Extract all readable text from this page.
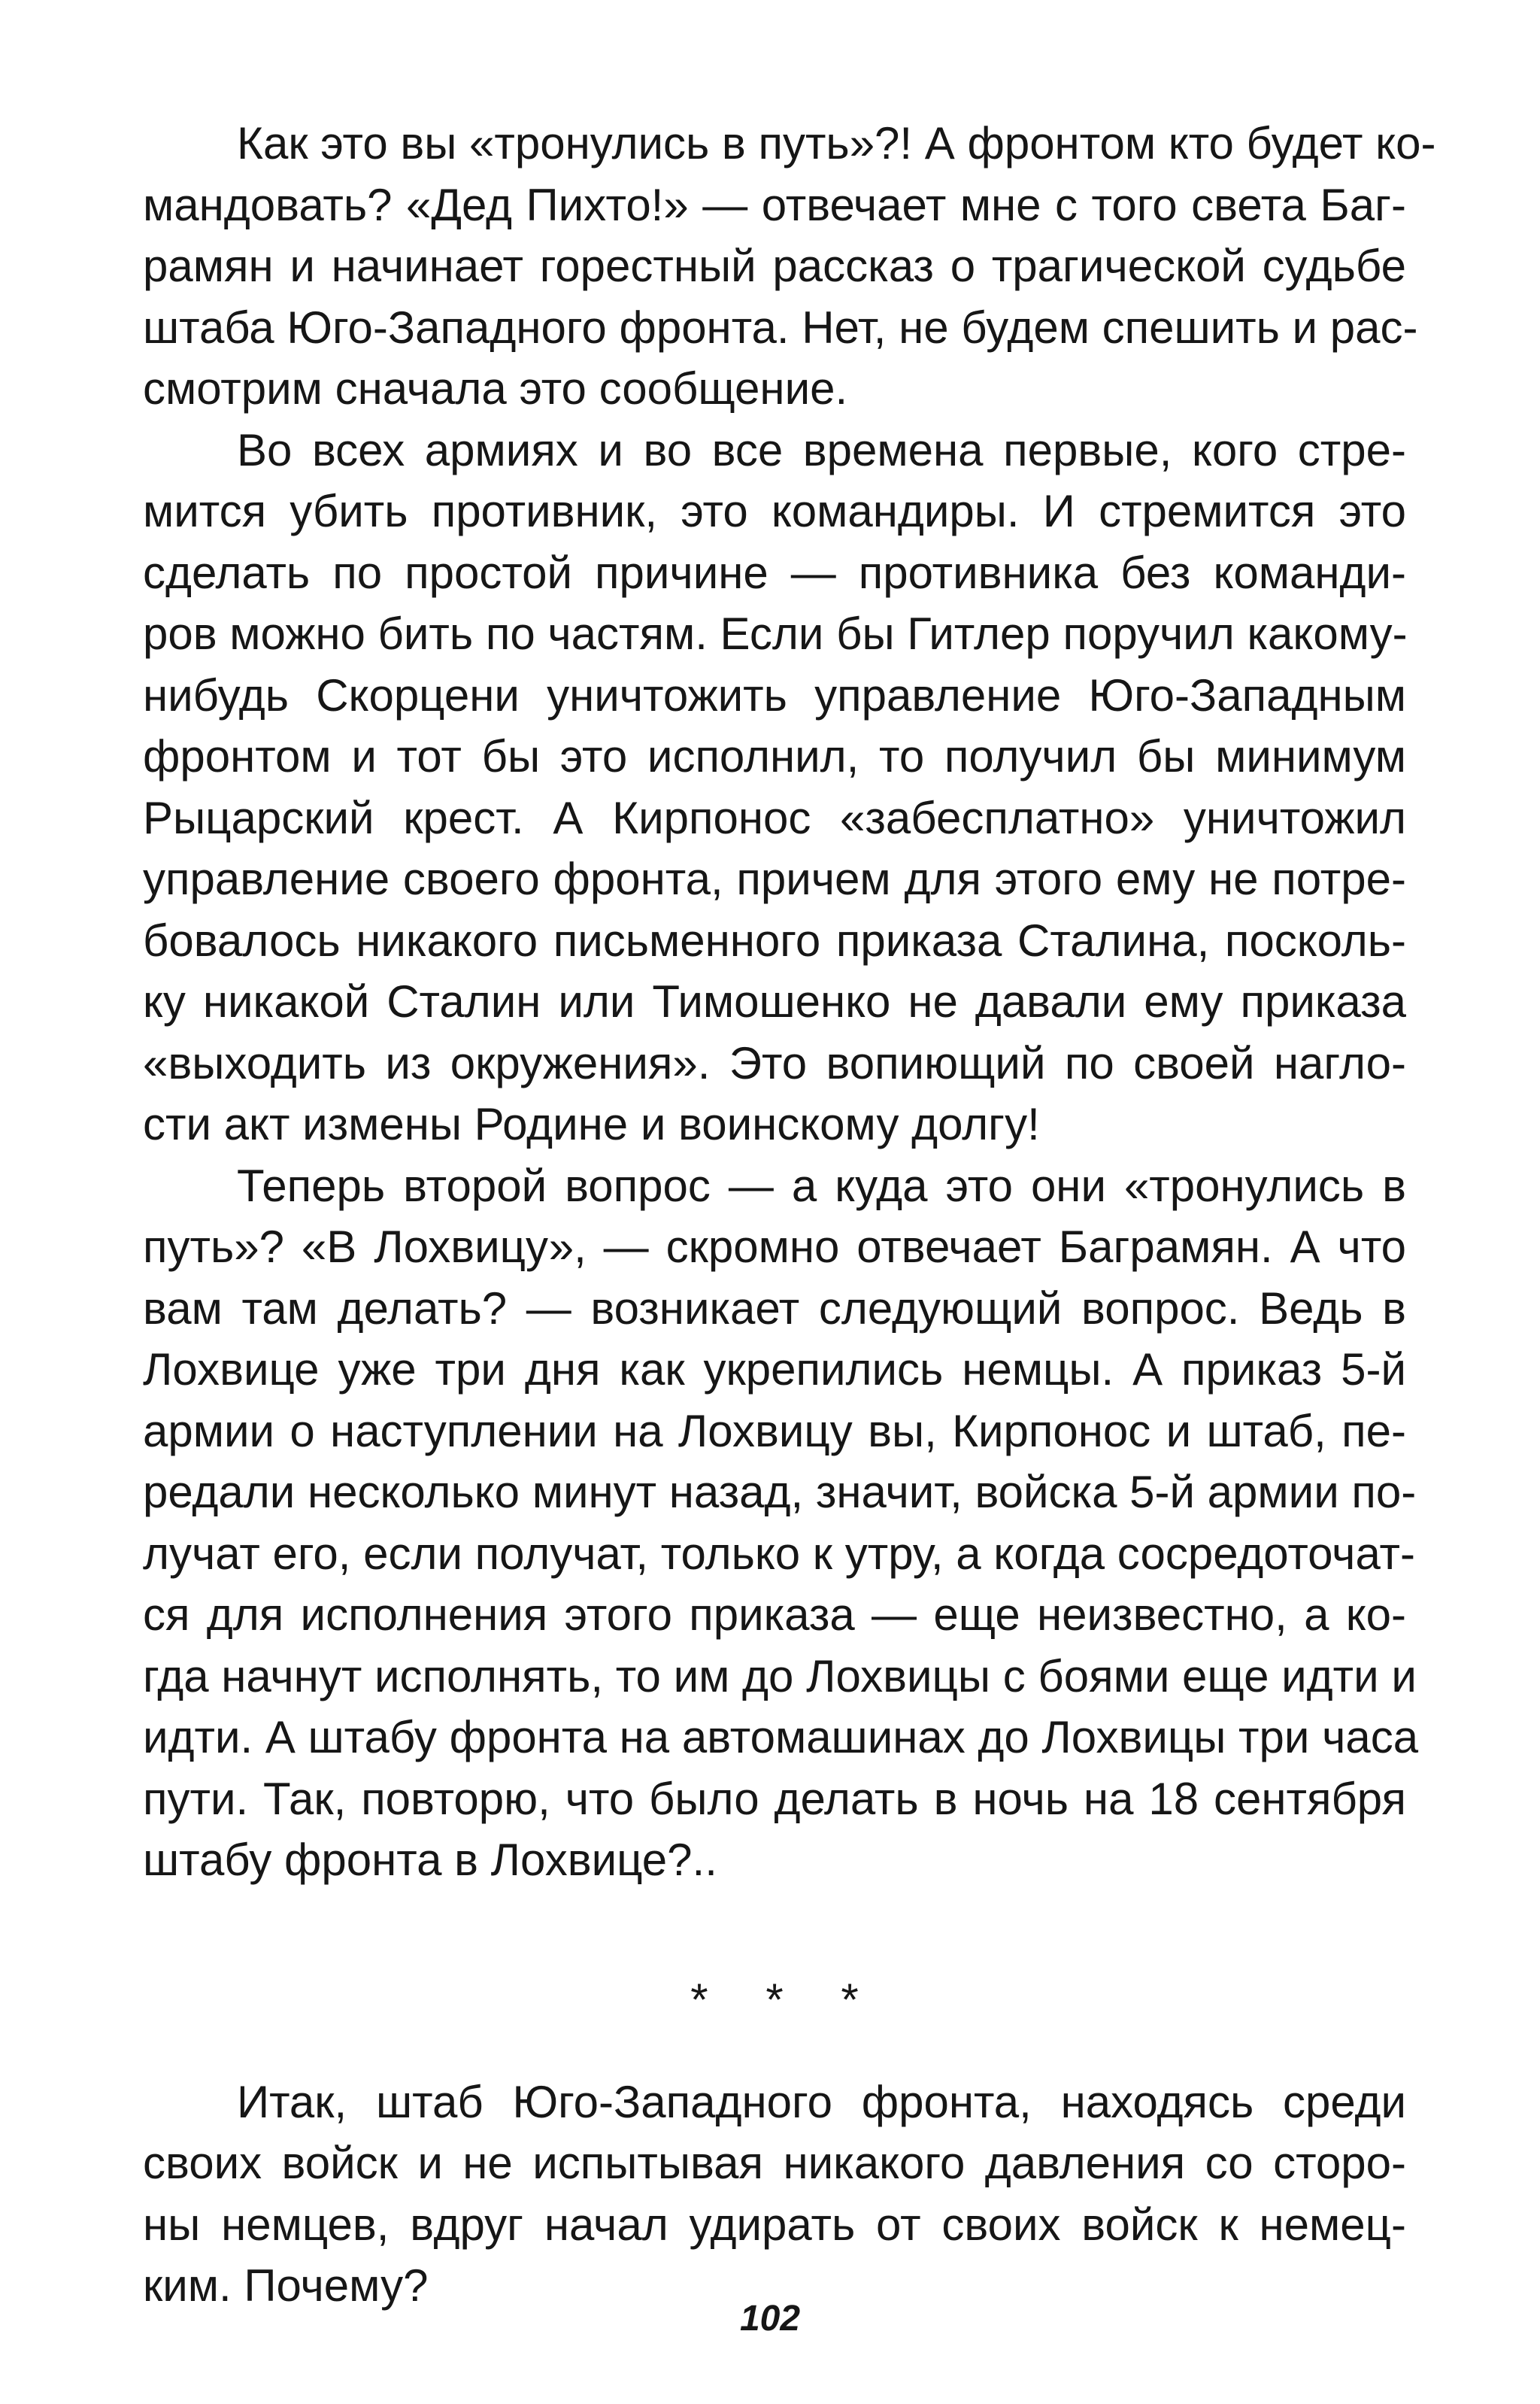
Как это вы «тронулись в путь»?! А фронтом кто будет ко-
мандовать? «Дед Пихто!» — отвечает мне с того света Баг-
рамян и начинает горестный рассказ о трагической судьбе
штаба Юго-Западного фронта. Нет, не будем спешить и рас-
смотрим сначала это сообщение.

Во всех армиях и во все времена первые, кого стре-
мится убить противник, это командиры. И стремится это
сделать по простой причине — противника без команди-
ров можно бить по частям. Если бы Гитлер поручил какому-
нибудь Скорцени уничтожить управление Юго-Западным
фронтом и тот бы это исполнил, то получил бы минимум
Рыцарский крест. А Кирпонос «забесплатно» уничтожил
управление своего фронта, причем для этого ему не потре-
бовалось никакого письменного приказа Сталина, посколь-
ку никакой Сталин или Тимошенко не давали ему приказа
«выходить из окружения». Это вопиющий по своей нагло-
сти акт измены Родине и воинскому долгу!

Теперь второй вопрос — а куда это они «тронулись в
путь»? «В Лохвицу», — скромно отвечает Баграмян. А что
вам там делать? — возникает следующий вопрос. Ведь в
Лохвице уже три дня как укрепились немцы. А приказ 5-й
армии о наступлении на Лохвицу вы, Кирпонос и штаб, пе-
редали несколько минут назад, значит, войска 5-й армии по-
лучат его, если получат, только к утру, а когда сосредоточат-
ся для исполнения этого приказа — еще неизвестно, а ко-
гда начнут исполнять, то им до Лохвицы с боями еще идти и
идти. А штабу фронта на автомашинах до Лохвицы три часа
пути. Так, повторю, что было делать в ночь на 18 сентября
штабу фронта в Лохвице?..

* * *

Итак, штаб Юго-Западного фронта, находясь среди
своих войск и не испытывая никакого давления со сторо-
ны немцев, вдруг начал удирать от своих войск к немец-
ким. Почему?

102
